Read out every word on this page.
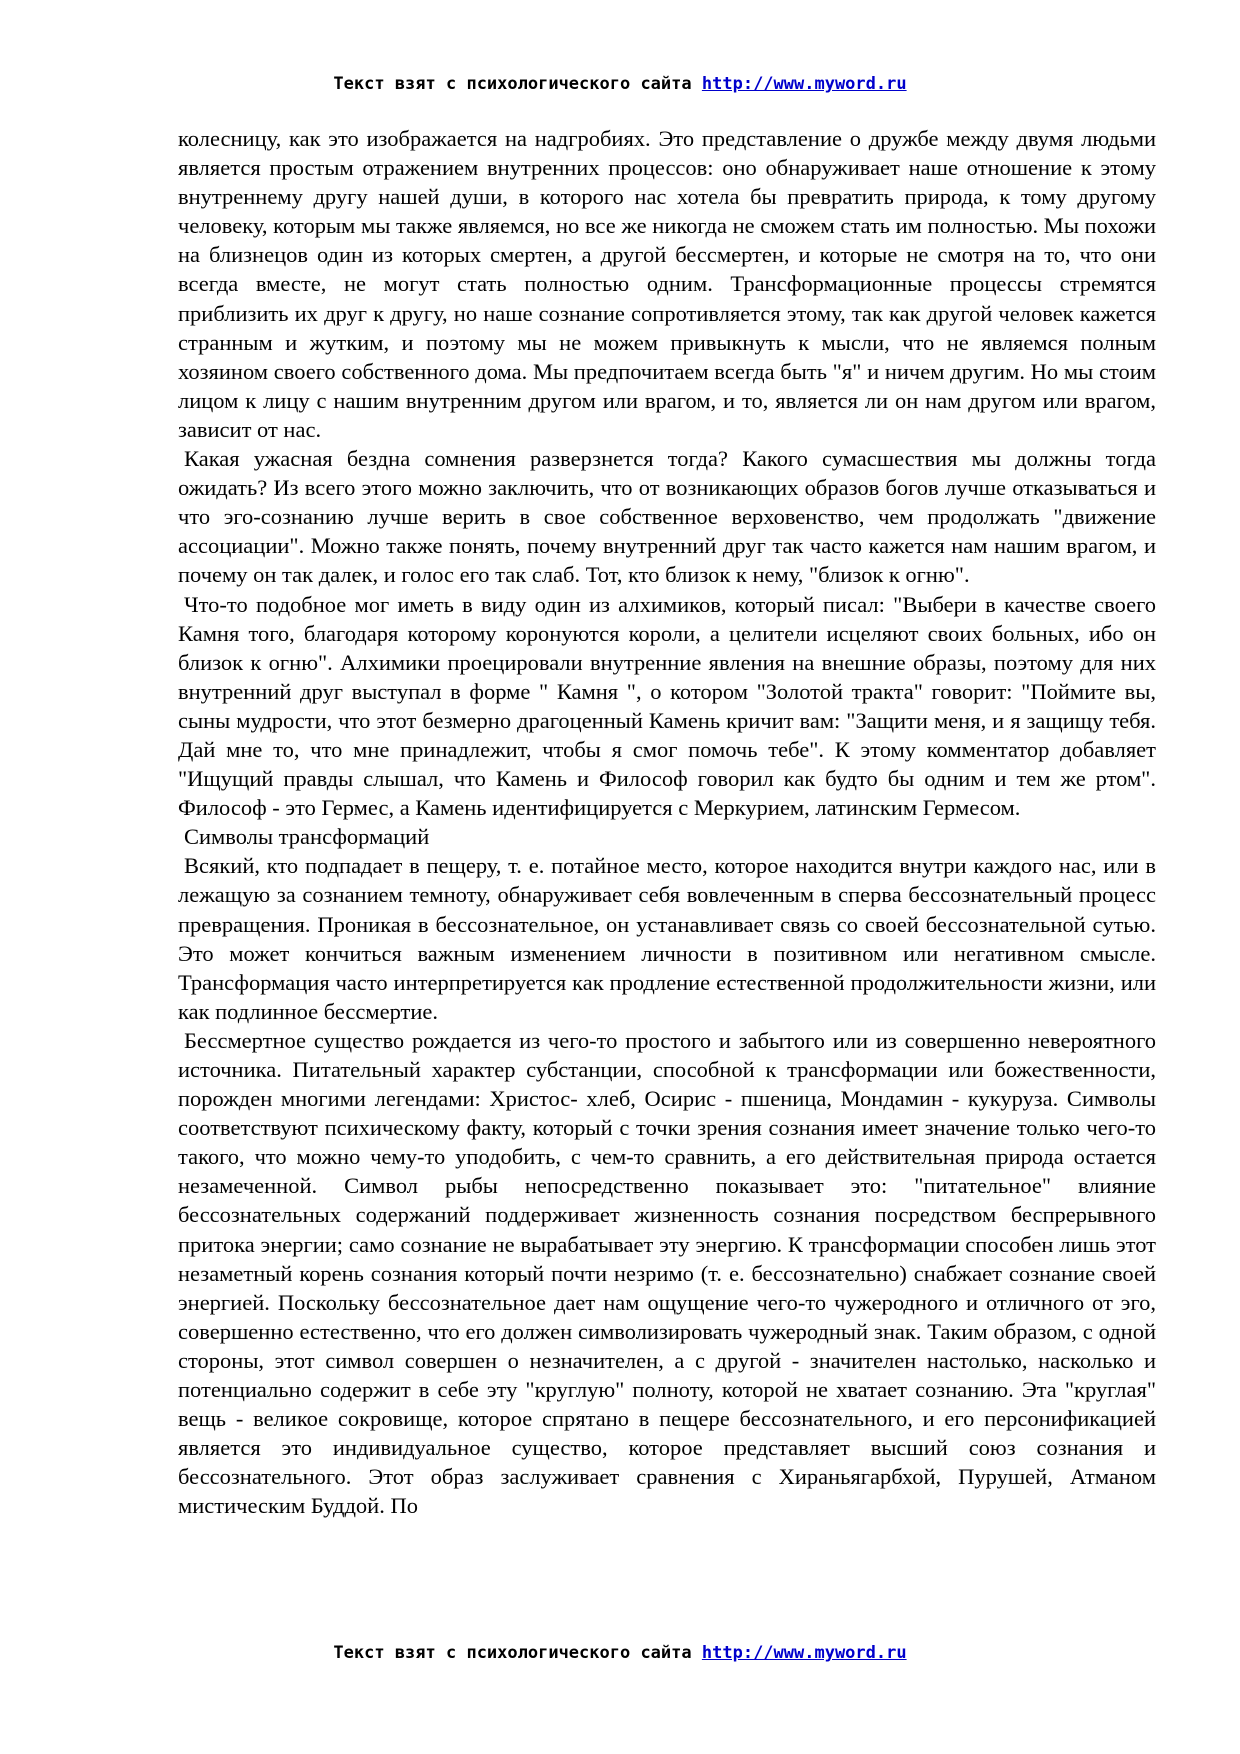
Текст взят с психологического сайта http://www.myword.ru

колесницу, как это изображается на надгробиях. Это представление о дружбе между двумя людьми является простым отражением внутренних процессов: оно обнаруживает наше отношение к этому внутреннему другу нашей души, в которого нас хотела бы превратить природа, к тому другому человеку, которым мы также являемся, но все же никогда не сможем стать им полностью. Мы похожи на близнецов один из которых смертен, а другой бессмертен, и которые не смотря на то, что они всегда вместе, не могут стать полностью одним. Трансформационные процессы стремятся приблизить их друг к другу, но наше сознание сопротивляется этому, так как другой человек кажется странным и жутким, и поэтому мы не можем привыкнуть к мысли, что не являемся полным хозяином своего собственного дома. Мы предпочитаем всегда быть "я" и ничем другим. Но мы стоим лицом к лицу с нашим внутренним другом или врагом, и то, является ли он нам другом или врагом, зависит от нас.

Какая ужасная бездна сомнения разверзнется тогда? Какого сумасшествия мы должны тогда ожидать? Из всего этого можно заключить, что от возникающих образов богов лучше отказываться и что эго-сознанию лучше верить в свое собственное верховенство, чем продолжать "движение ассоциации". Можно также понять, почему внутренний друг так часто кажется нам нашим врагом, и почему он так далек, и голос его так слаб. Тот, кто близок к нему, "близок к огню".

Что-то подобное мог иметь в виду один из алхимиков, который писал: "Выбери в качестве своего Камня того, благодаря которому коронуются короли, а целители исцеляют своих больных, ибо он близок к огню". Алхимики проецировали внутренние явления на внешние образы, поэтому для них внутренний друг выступал в форме " Камня ", о котором "Золотой тракта" говорит: "Поймите вы, сыны мудрости, что этот безмерно драгоценный Камень кричит вам: "Защити меня, и я защищу тебя. Дай мне то, что мне принадлежит, чтобы я смог помочь тебе". К этому комментатор добавляет "Ищущий правды слышал, что Камень и Философ говорил как будто бы одним и тем же ртом". Философ - это Гермес, а Камень идентифицируется с Меркурием, латинским Гермесом.

Символы трансформаций

Всякий, кто подпадает в пещеру, т. е. потайное место, которое находится внутри каждого нас, или в лежащую за сознанием темноту, обнаруживает себя вовлеченным в сперва бессознательный процесс превращения. Проникая в бессознательное, он устанавливает связь со своей бессознательной сутью. Это может кончиться важным изменением личности в позитивном или негативном смысле. Трансформация часто интерпретируется как продление естественной продолжительности жизни, или как подлинное бессмертие.

Бессмертное существо рождается из чего-то простого и забытого или из совершенно невероятного источника. Питательный характер субстанции, способной к трансформации или божественности, порожден многими легендами: Христос- хлеб, Осирис - пшеница, Мондамин - кукуруза. Символы соответствуют психическому факту, который с точки зрения сознания имеет значение только чего-то такого, что можно чему-то уподобить, с чем-то сравнить, а его действительная природа остается незамеченной. Символ рыбы непосредственно показывает это: "питательное" влияние бессознательных содержаний поддерживает жизненность сознания посредством беспрерывного притока энергии; само сознание не вырабатывает эту энергию. К трансформации способен лишь этот незаметный корень сознания который почти незримо (т. е. бессознательно) снабжает сознание своей энергией. Поскольку бессознательное дает нам ощущение чего-то чужеродного и отличного от эго, совершенно естественно, что его должен символизировать чужеродный знак. Таким образом, с одной стороны, этот символ совершен о незначителен, а с другой - значителен настолько, насколько и потенциально содержит в себе эту "круглую" полноту, которой не хватает сознанию. Эта "круглая" вещь - великое сокровище, которое спрятано в пещере бессознательного, и его персонификацией является это индивидуальное существо, которое представляет высший союз сознания и бессознательного. Этот образ заслуживает сравнения с Хираньягарбхой, Пурушей, Атманом мистическим Буддой. По

Текст взят с психологического сайта http://www.myword.ru
